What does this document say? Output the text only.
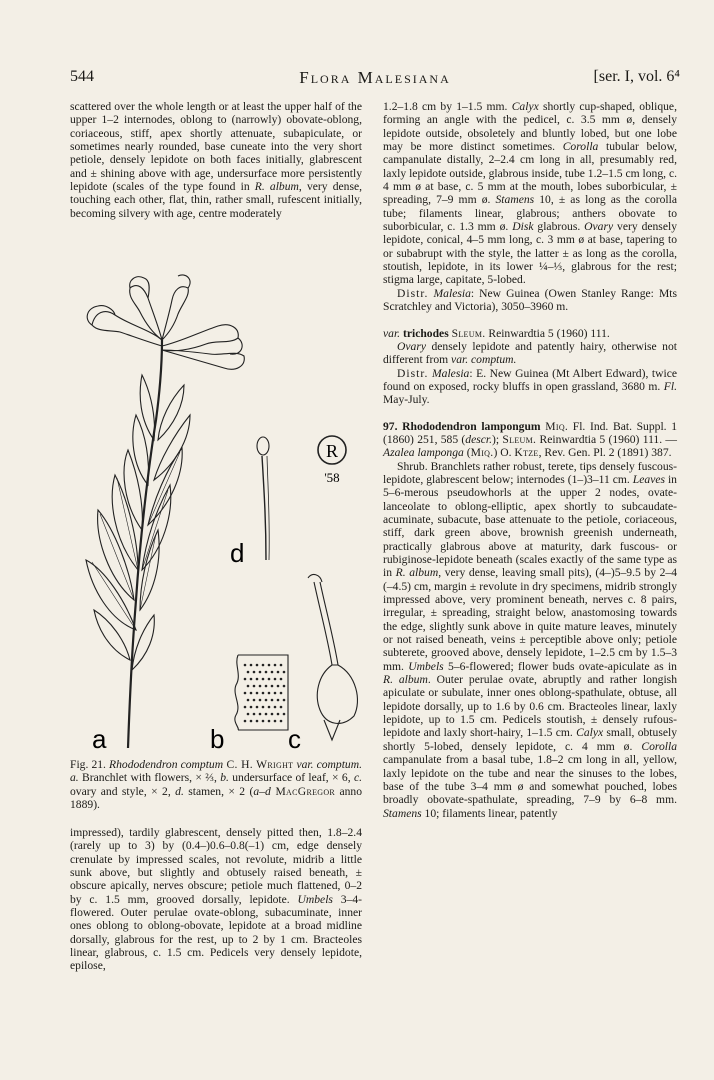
544	Flora Malesiana	[ser. I, vol. 6⁴

scattered over the whole length or at least the upper half of the upper 1–2 internodes, oblong to (narrowly) obovate-oblong, coriaceous, stiff, apex shortly attenuate, subapiculate, or sometimes nearly rounded, base cuneate into the very short petiole, densely lepidote on both faces initially, glabrescent and ± shining above with age, undersurface more persistently lepidote (scales of the type found in R. album, very dense, touching each other, flat, thin, rather small, rufescent initially, becoming silvery with age, centre moderately

R
'58
d
a	b c
Fig. 21. Rhododendron comptum C. H. Wright var. comptum. a. Branchlet with flowers, × ⅔, b. undersurface of leaf, × 6, c. ovary and style, × 2, d. stamen, × 2 (a–d MacGregor anno 1889).

impressed), tardily glabrescent, densely pitted then, 1.8–2.4 (rarely up to 3) by (0.4–)0.6–0.8(–1) cm, edge densely crenulate by impressed scales, not revolute, midrib a little sunk above, but slightly and obtusely raised beneath, ± obscure apically, nerves obscure; petiole much flattened, 0–2 by c. 1.5 mm, grooved dorsally, lepidote. Umbels 3–4-flowered. Outer perulae ovate-oblong, subacuminate, inner ones oblong to oblong-obovate, lepidote at a broad midline dorsally, glabrous for the rest, up to 2 by 1 cm. Bracteoles linear, glabrous, c. 1.5 cm. Pedicels very densely lepidote, epilose,

1.2–1.8 cm by 1–1.5 mm. Calyx shortly cup-shaped, oblique, forming an angle with the pedicel, c. 3.5 mm ø, densely lepidote outside, obsoletely and bluntly lobed, but one lobe may be more distinct sometimes. Corolla tubular below, campanulate distally, 2–2.4 cm long in all, presumably red, laxly lepidote outside, glabrous inside, tube 1.2–1.5 cm long, c. 4 mm ø at base, c. 5 mm at the mouth, lobes suborbicular, ± spreading, 7–9 mm ø. Stamens 10, ± as long as the corolla tube; filaments linear, glabrous; anthers obovate to suborbicular, c. 1.3 mm ø. Disk glabrous. Ovary very densely lepidote, conical, 4–5 mm long, c. 3 mm ø at base, tapering to or subabrupt with the style, the latter ± as long as the corolla, stoutish, lepidote, in its lower ¼–⅓, glabrous for the rest; stigma large, capitate, 5-lobed.

Distr. Malesia: New Guinea (Owen Stanley Range: Mts Scratchley and Victoria), 3050–3960 m.

var. trichodes Sleum. Reinwardtia 5 (1960) 111.

Ovary densely lepidote and patently hairy, otherwise not different from var. comptum.

Distr. Malesia: E. New Guinea (Mt Albert Edward), twice found on exposed, rocky bluffs in open grassland, 3680 m. Fl. May-July.

97. Rhododendron lampongum Miq. Fl. Ind. Bat. Suppl. 1 (1860) 251, 585 (descr.); Sleum. Reinwardtia 5 (1960) 111. — Azalea lamponga (Miq.) O. Ktze, Rev. Gen. Pl. 2 (1891) 387.

Shrub. Branchlets rather robust, terete, tips densely fuscous-lepidote, glabrescent below; internodes (1–)3–11 cm. Leaves in 5–6-merous pseudowhorls at the upper 2 nodes, ovate-lanceolate to oblong-elliptic, apex shortly to subcaudate-acuminate, subacute, base attenuate to the petiole, coriaceous, stiff, dark green above, brownish greenish underneath, practically glabrous above at maturity, dark fuscous- or rubiginose-lepidote beneath (scales exactly of the same type as in R. album, very dense, leaving small pits), (4–)5–9.5 by 2–4 (–4.5) cm, margin ± revolute in dry specimens, midrib strongly impressed above, very prominent beneath, nerves c. 8 pairs, irregular, ± spreading, straight below, anastomosing towards the edge, slightly sunk above in quite mature leaves, minutely or not raised beneath, veins ± perceptible above only; petiole subterete, grooved above, densely lepidote, 1–2.5 cm by 1.5–3 mm. Umbels 5–6-flowered; flower buds ovate-apiculate as in R. album. Outer perulae ovate, abruptly and rather longish apiculate or subulate, inner ones oblong-spathulate, obtuse, all lepidote dorsally, up to 1.6 by 0.6 cm. Bracteoles linear, laxly lepidote, up to 1.5 cm. Pedicels stoutish, ± densely rufous-lepidote and laxly short-hairy, 1–1.5 cm. Calyx small, obtusely shortly 5-lobed, densely lepidote, c. 4 mm ø. Corolla campanulate from a basal tube, 1.8–2 cm long in all, yellow, laxly lepidote on the tube and near the sinuses to the lobes, base of the tube 3–4 mm ø and somewhat pouched, lobes broadly obovate-spathulate, spreading, 7–9 by 6–8 mm. Stamens 10; filaments linear, patently
